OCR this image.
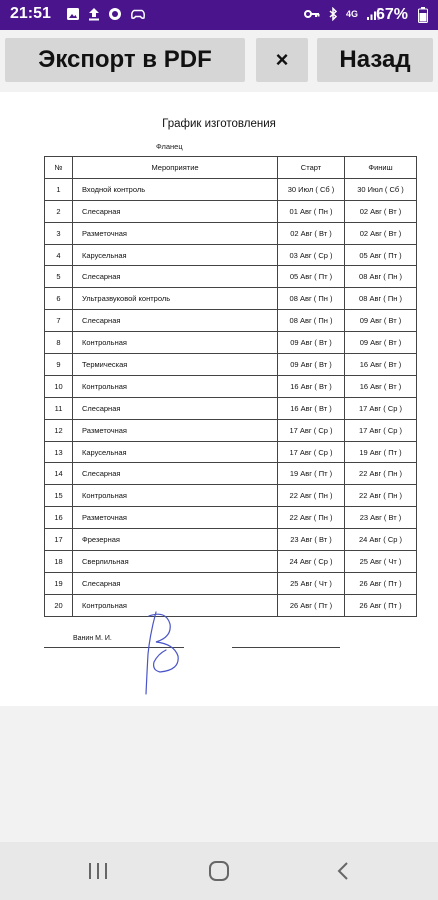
21:51	4G 67%
Экспорт в PDF	×	Назад
График изготовления
Фланец
№	Мероприятие	Старт	Финиш
1	Входной контроль	30 Июл ( Сб )	30 Июл ( Сб )
2	Слесарная	01 Авг ( Пн )	02 Авг ( Вт )
3	Разметочная	02 Авг ( Вт )	02 Авг ( Вт )
4	Карусельная	03 Авг ( Ср )	05 Авг ( Пт )
5	Слесарная	05 Авг ( Пт )	08 Авг ( Пн )
6	Ультразвуковой контроль	08 Авг ( Пн )	08 Авг ( Пн )
7	Слесарная	08 Авг ( Пн )	09 Авг ( Вт )
8	Контрольная	09 Авг ( Вт )	09 Авг ( Вт )
9	Термическая	09 Авг ( Вт )	16 Авг ( Вт )
10	Контрольная	16 Авг ( Вт )	16 Авг ( Вт )
11	Слесарная	16 Авг ( Вт )	17 Авг ( Ср )
12	Разметочная	17 Авг ( Ср )	17 Авг ( Ср )
13	Карусельная	17 Авг ( Ср )	19 Авг ( Пт )
14	Слесарная	19 Авг ( Пт )	22 Авг ( Пн )
15	Контрольная	22 Авг ( Пн )	22 Авг ( Пн )
16	Разметочная	22 Авг ( Пн )	23 Авг ( Вт )
17	Фрезерная	23 Авг ( Вт )	24 Авг ( Ср )
18	Сверлильная	24 Авг ( Ср )	25 Авг ( Чт )
19	Слесарная	25 Авг ( Чт )	26 Авг ( Пт )
20	Контрольная	26 Авг ( Пт )	26 Авг ( Пт )
Ванин М. И.
